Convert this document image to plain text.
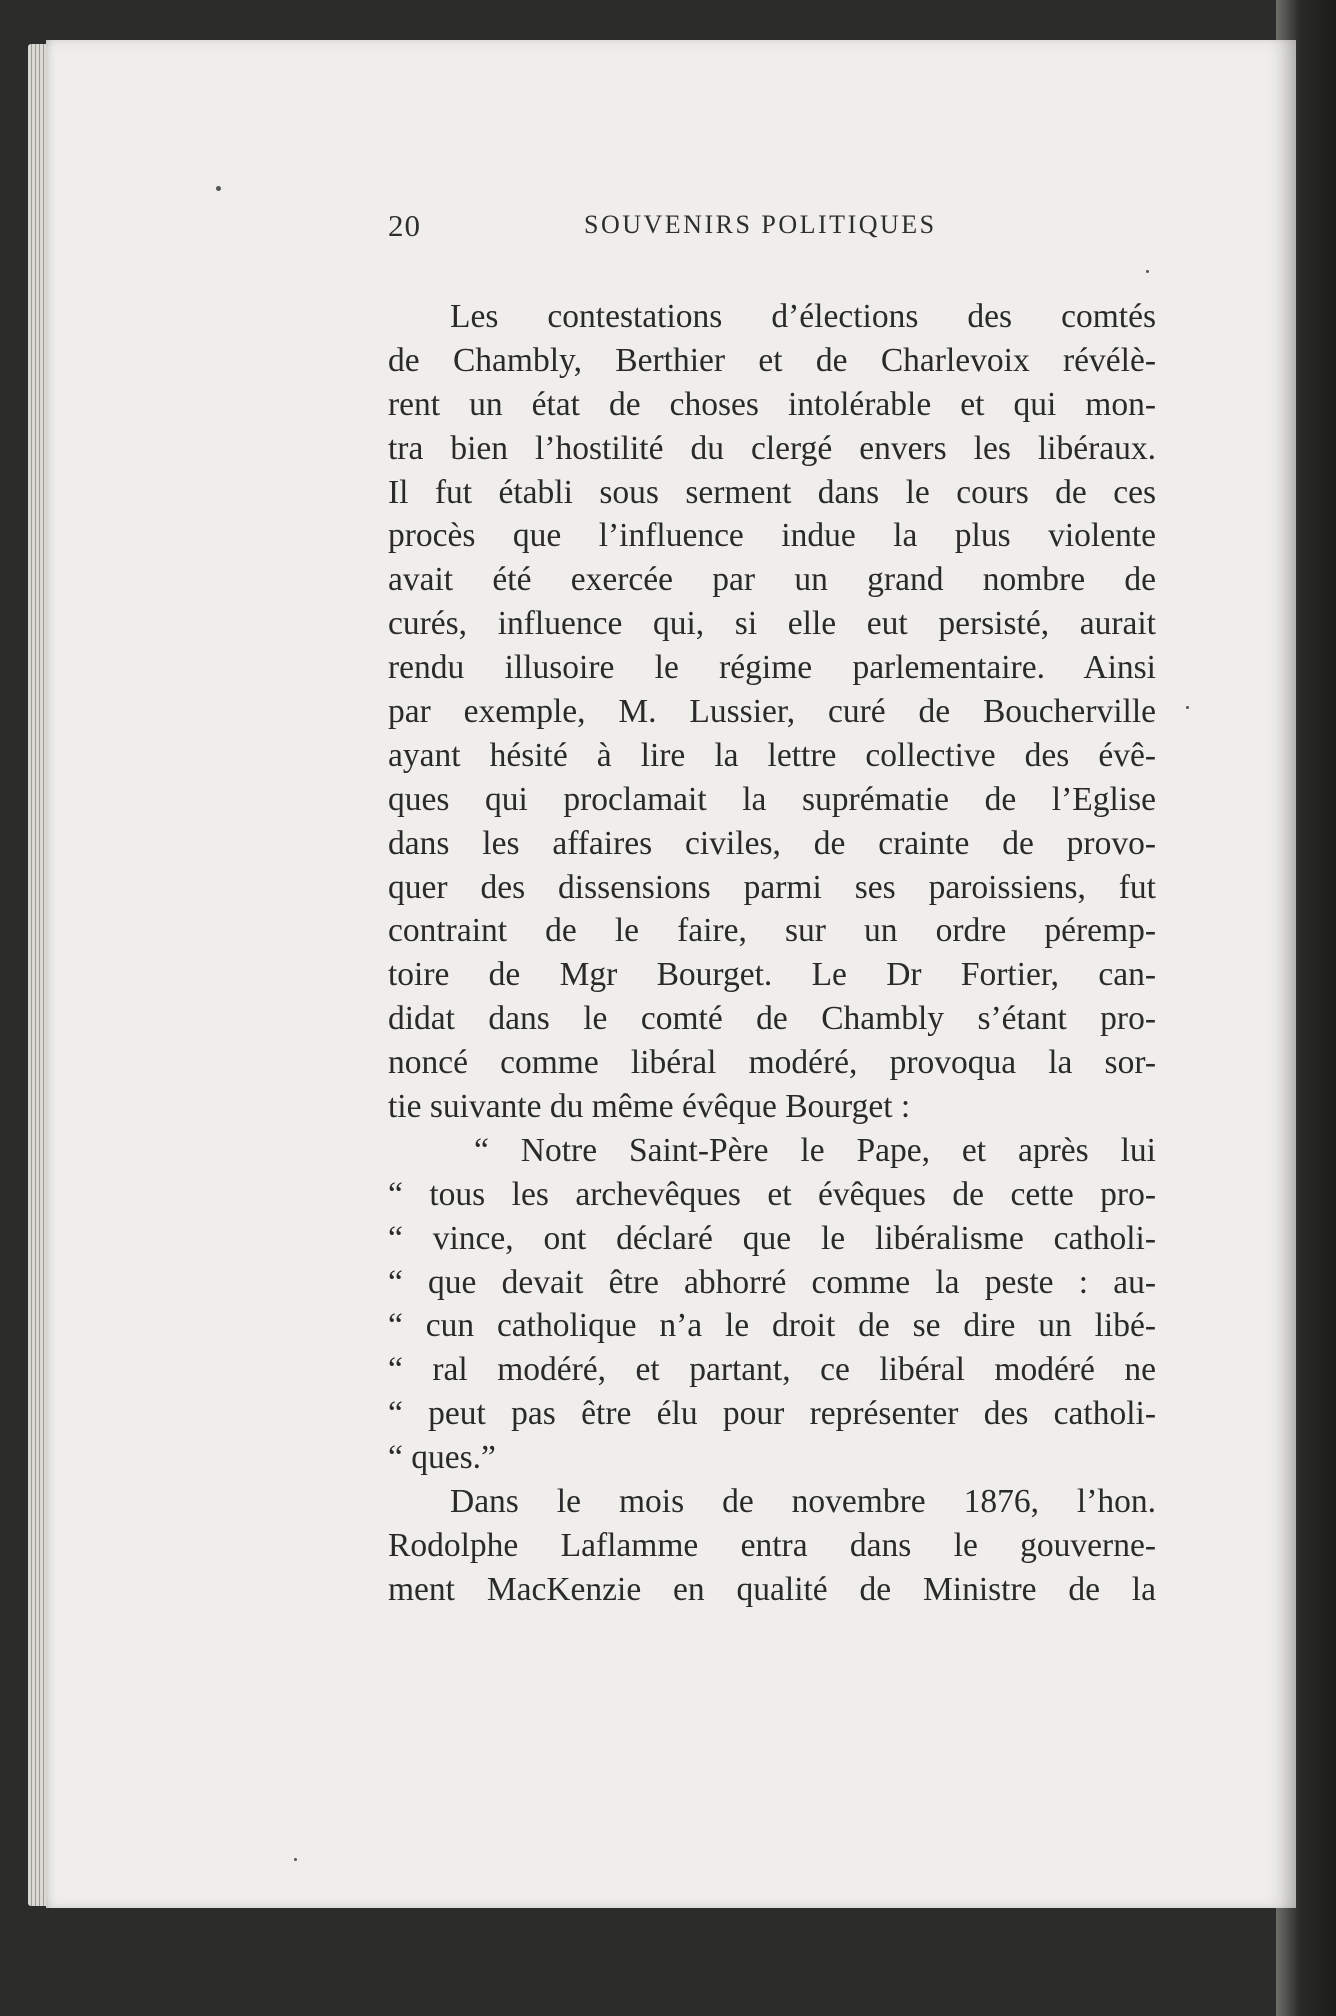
20	SOUVENIRS POLITIQUES
Les contestations d’élections des comtés
de Chambly, Berthier et de Charlevoix révélè-
rent un état de choses intolérable et qui mon-
tra bien l’hostilité du clergé envers les libéraux.
Il fut établi sous serment dans le cours de ces
procès que l’influence indue la plus violente
avait été exercée par un grand nombre de
curés, influence qui, si elle eut persisté, aurait
rendu illusoire le régime parlementaire. Ainsi
par exemple, M. Lussier, curé de Boucherville
ayant hésité à lire la lettre collective des évê-
ques qui proclamait la suprématie de l’Eglise
dans les affaires civiles, de crainte de provo-
quer des dissensions parmi ses paroissiens, fut
contraint de le faire, sur un ordre péremp-
toire de Mgr Bourget. Le Dr Fortier, can-
didat dans le comté de Chambly s’étant pro-
noncé comme libéral modéré, provoqua la sor-
tie suivante du même évêque Bourget :
“ Notre Saint-Père le Pape, et après lui
“ tous les archevêques et évêques de cette pro-
“ vince, ont déclaré que le libéralisme catholi-
“ que devait être abhorré comme la peste : au-
“ cun catholique n’a le droit de se dire un libé-
“ ral modéré, et partant, ce libéral modéré ne
“ peut pas être élu pour représenter des catholi-
“ ques.”
Dans le mois de novembre 1876, l’hon.
Rodolphe Laflamme entra dans le gouverne-
ment MacKenzie en qualité de Ministre de la
